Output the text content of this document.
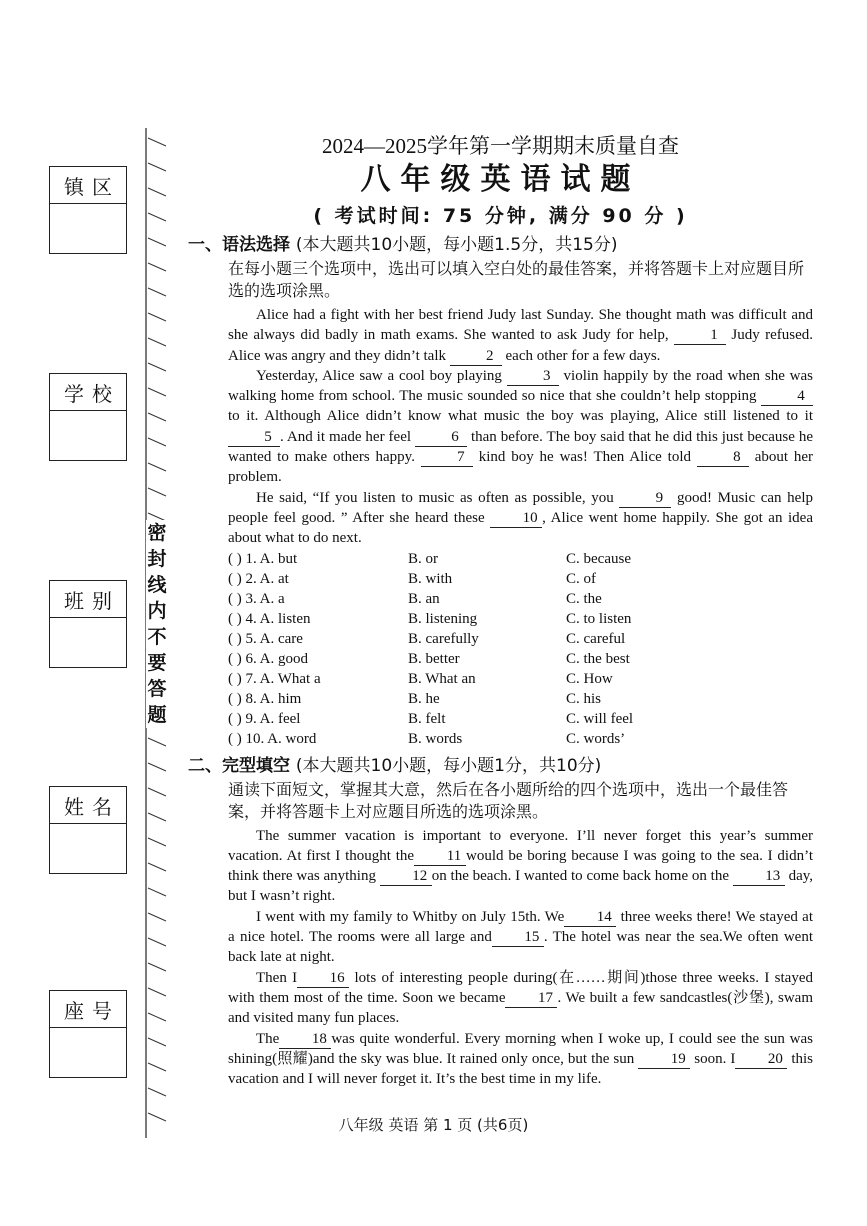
镇 区
学 校
班 别
姓 名
座 号
密封线内不要答题
2024—2025学年第一学期期末质量自查
八年级英语试题
( 考试时间: 75 分钟, 满分 90 分 )
一、语法选择 (本大题共10小题，每小题1.5分，共15分)
在每小题三个选项中，选出可以填入空白处的最佳答案，并将答题卡上对应题目所选的选项涂黑。

Alice had a fight with her best friend Judy last Sunday. She thought math was difficult and she always did badly in math exams. She wanted to ask Judy for help,	1 Judy refused. Alice was angry and they didn’t talk	2 each other for a few days.

Yesterday, Alice saw a cool boy playing	3 violin happily by the road when she was walking home from school. The music sounded so nice that she couldn’t help stopping	4 to it. Although Alice didn’t know what music the boy was playing, Alice still listened to it 5 . And it made her feel	6 than before. The boy said that he did this just because he wanted to make others happy.	7 kind boy he was! Then Alice told	8 about her problem.

He said, “If you listen to music as often as possible, you	9 good! Music can help people feel good. ” After she heard these	10 , Alice went home happily. She got an idea about what to do next.

( ) 1. A. but	B. or	C. because
( ) 2. A. at	B. with	C. of
( ) 3. A. a	B. an	C. the
( ) 4. A. listen	B. listening	C. to listen
( ) 5. A. care	B. carefully	C. careful
( ) 6. A. good	B. better	C. the best
( ) 7. A. What a	B. What an	C. How
( ) 8. A. him	B. he	C. his
( ) 9. A. feel	B. felt	C. will feel
( ) 10. A. word	B. words	C. words’
二、完型填空 (本大题共10小题，每小题1分，共10分)
通读下面短文，掌握其大意，然后在各小题所给的四个选项中，选出一个最佳答案，并将答题卡上对应题目所选的选项涂黑。

The summer vacation is important to everyone. I’ll never forget this year’s summer vacation. At first I thought the 11 would be boring because I was going to the sea. I didn’t think there was anything 12 on the beach. I wanted to come back home on the 13 day, but I wasn’t right.

I went with my family to Whitby on July 15th. We 14 three weeks there! We stayed at a nice hotel. The rooms were all large and 15 . The hotel was near the sea.We often went back late at night.

Then I 16 lots of interesting people during(在……期间)those three weeks. I stayed with them most of the time. Soon we became 17 . We built a few sandcastles(沙堡), swam and visited many fun places.

The 18 was quite wonderful. Every morning when I woke up, I could see the sun was shining(照耀)and the sky was blue. It rained only once, but the sun 19 soon. I 20 this vacation and I will never forget it. It’s the best time in my life.

八年级 英语 第 1 页 (共6页)
